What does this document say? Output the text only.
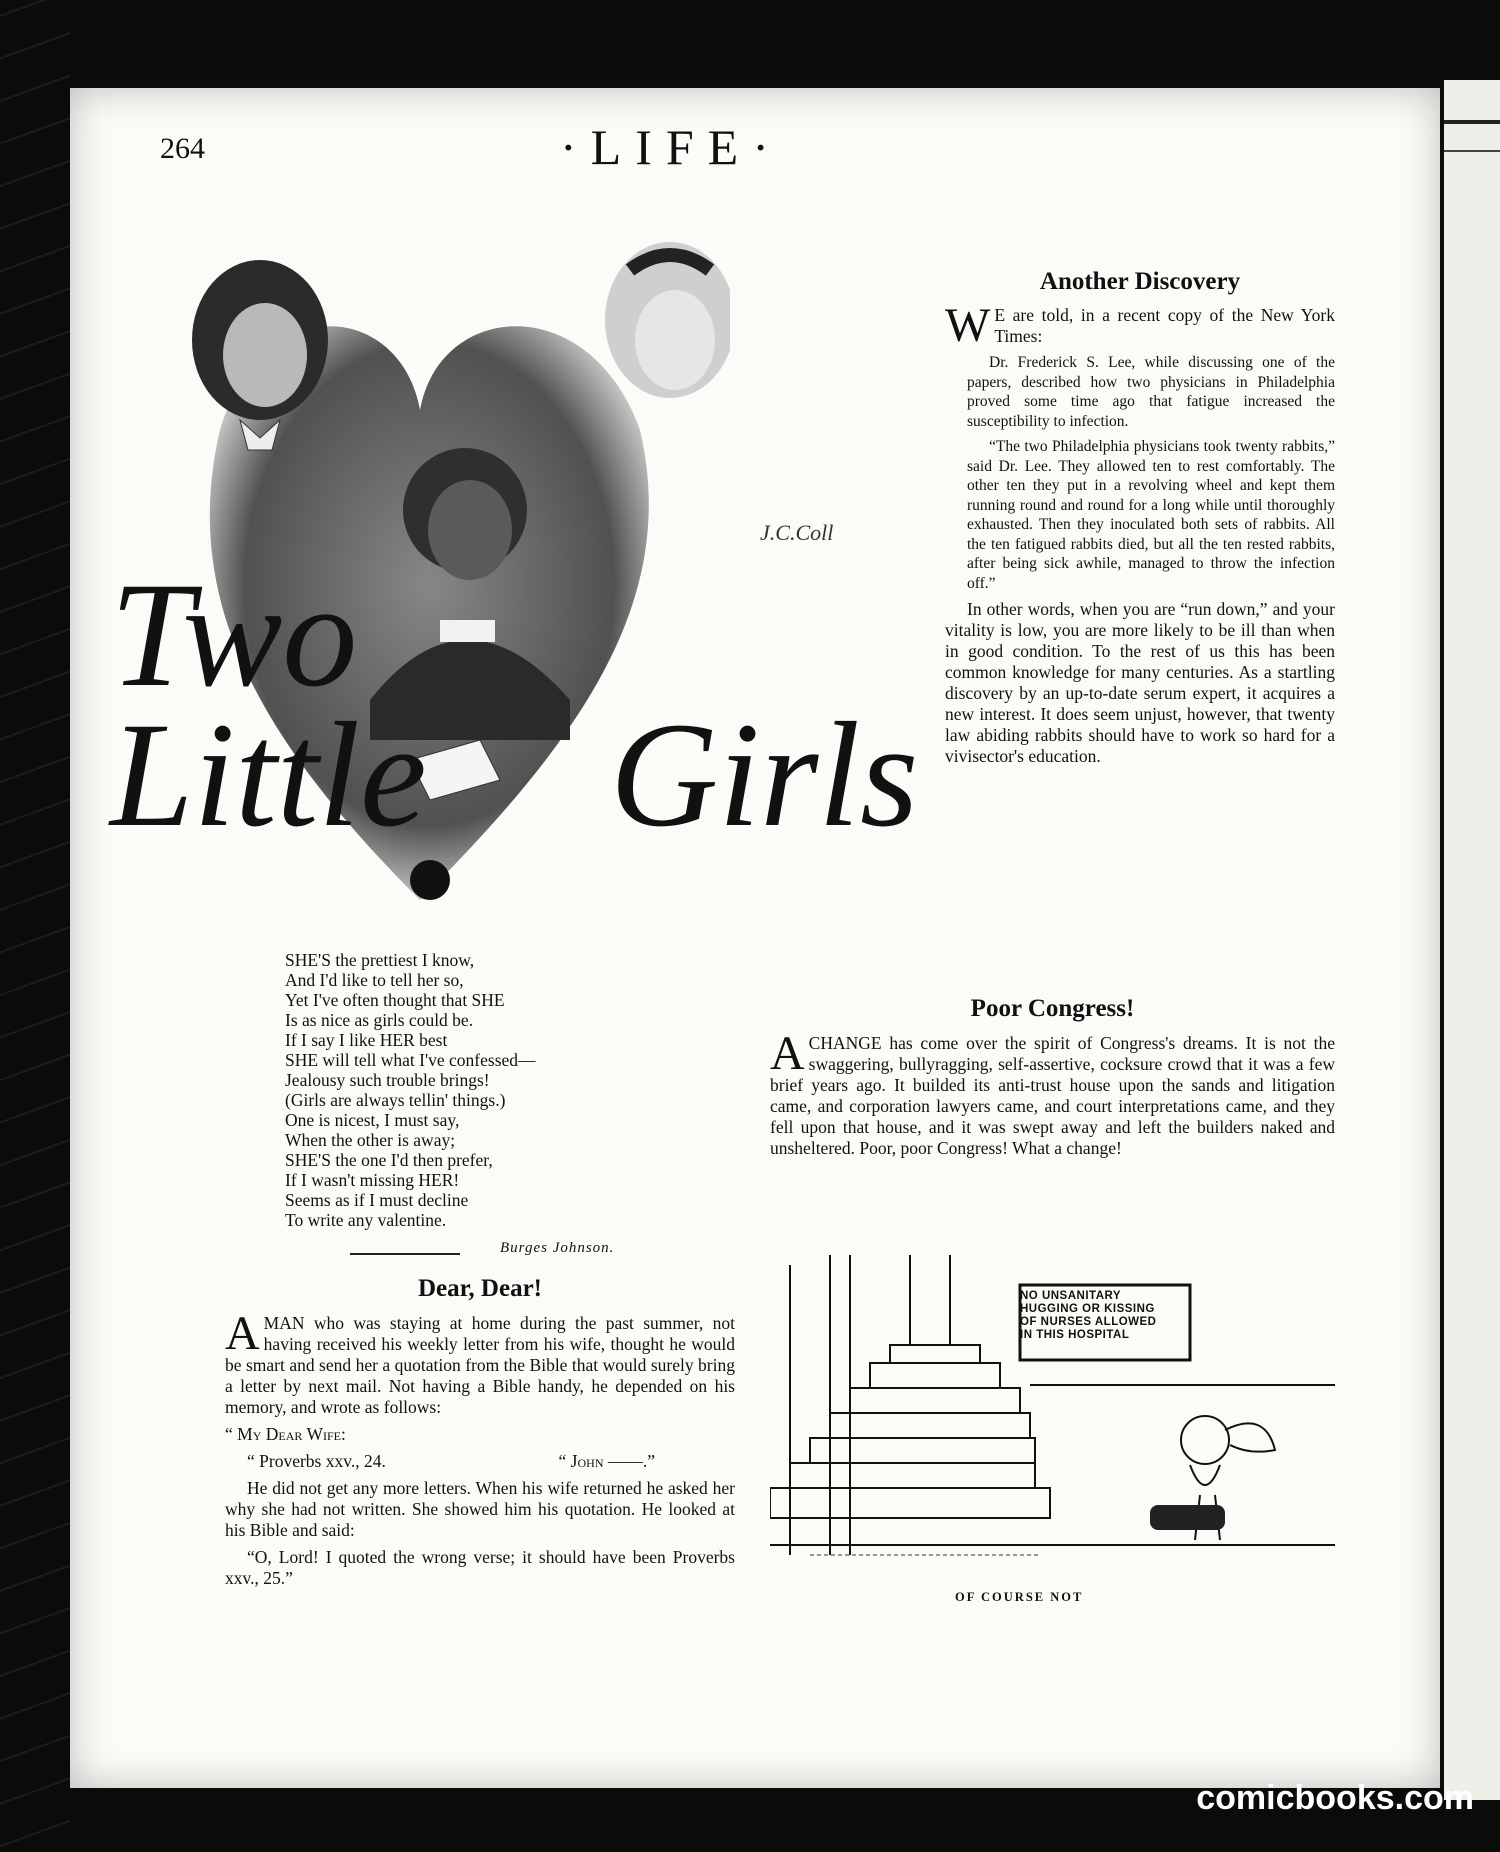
264	·LIFE·
Two
Little Girls
J.C.Coll
SHE'S the prettiest I know,
And I'd like to tell her so,
Yet I've often thought that SHE
Is as nice as girls could be.
If I say I like HER best
SHE will tell what I've confessed—
Jealousy such trouble brings!
(Girls are always tellin' things.)
One is nicest, I must say,
When the other is away;
SHE'S the one I'd then prefer,
If I wasn't missing HER!
Seems as if I must decline
To write any valentine.
Burges Johnson.
Another Discovery

W E are told, in a recent copy of the New York Times:

Dr. Frederick S. Lee, while discussing one of the papers, described how two physicians in Philadelphia proved some time ago that fatigue increased the susceptibility to infection.

“The two Philadelphia physicians took twenty rabbits,” said Dr. Lee. They allowed ten to rest comfortably. The other ten they put in a revolving wheel and kept them running round and round for a long while until thoroughly exhausted. Then they inoculated both sets of rabbits. All the ten fatigued rabbits died, but all the ten rested rabbits, after being sick awhile, managed to throw the infection off.”

In other words, when you are “run down,” and your vitality is low, you are more likely to be ill than when in good condition. To the rest of us this has been common knowledge for many centuries. As a startling discovery by an up-to-date serum expert, it acquires a new interest. It does seem unjust, however, that twenty law abiding rabbits should have to work so hard for a vivisector's education.

Poor Congress!

ACHANGE has come over the spirit of Congress's dreams. It is not the swaggering, bullyragging, self-assertive, cocksure crowd that it was a few brief years ago. It builded its anti-trust house upon the sands and litigation came, and corporation lawyers came, and court interpretations came, and they fell upon that house, and it was swept away and left the builders naked and unsheltered. Poor, poor Congress! What a change!

Dear, Dear!

AMAN who was staying at home during the past summer, not having received his weekly letter from his wife, thought he would be smart and send her a quotation from the Bible that would surely bring a letter by next mail. Not having a Bible handy, he depended on his memory, and wrote as follows:

“ My Dear Wife:

“ Proverbs xxv., 24.	“ John ——.”

He did not get any more letters. When his wife returned he asked her why she had not written. She showed him his quotation. He looked at his Bible and said:

“O, Lord! I quoted the wrong verse; it should have been Proverbs xxv., 25.”

NO UNSANITARY
HUGGING OR KISSING
OF NURSES ALLOWED
IN THIS HOSPITAL
OF COURSE NOT
comicbooks.com
